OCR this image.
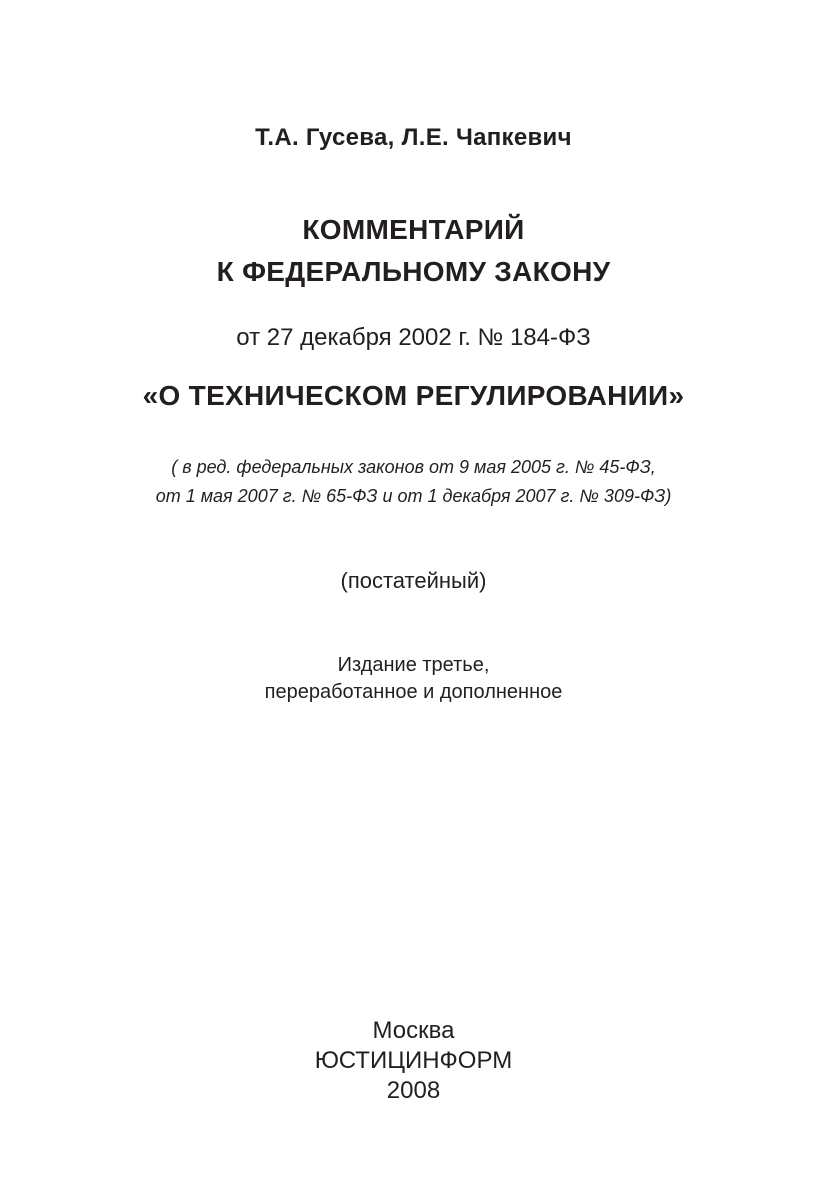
Т.А. Гусева, Л.Е. Чапкевич
КОММЕНТАРИЙ
К ФЕДЕРАЛЬНОМУ ЗАКОНУ
от 27 декабря 2002 г. № 184-ФЗ
«О ТЕХНИЧЕСКОМ РЕГУЛИРОВАНИИ»
( в ред. федеральных законов от 9 мая 2005 г. № 45-ФЗ,
от 1 мая 2007 г. № 65-ФЗ и от 1 декабря 2007 г. № 309-ФЗ)
(постатейный)
Издание третье,
переработанное и дополненное
Москва
ЮСТИЦИНФОРМ
2008
